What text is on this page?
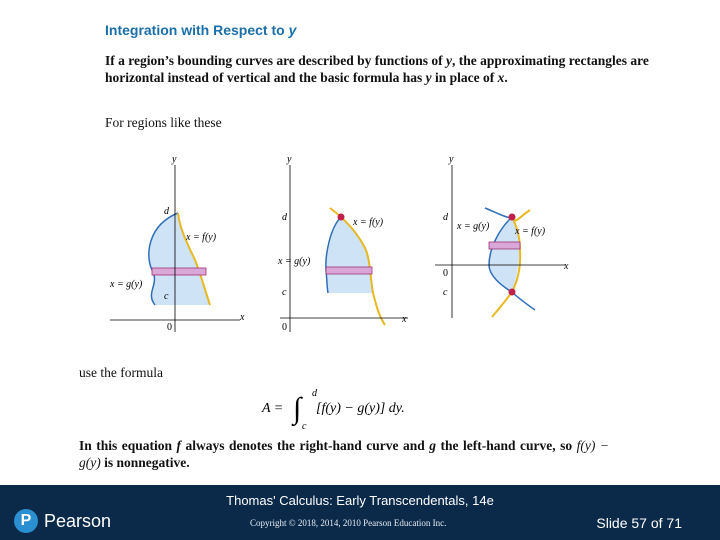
Integration with Respect to y
If a region’s bounding curves are described by functions of y, the approximating rectangles are horizontal instead of vertical and the basic formula has y in place of x.
For regions like these
y
x
0
d
c
x = f(y)
x = g(y)
y
x
0
d
c
x = f(y)
x = g(y)
y
x
0
d
c
x = f(y)
x = g(y)
use the formula
A = ∫ d
c
[f(y) − g(y)] dy.
In this equation f always denotes the right-hand curve and g the left-hand curve, so f(y) − g(y) is nonnegative.
Thomas' Calculus: Early Transcendentals, 14e
P Pearson	Copyright © 2018, 2014, 2010 Pearson Education Inc.	Slide 57 of 71
